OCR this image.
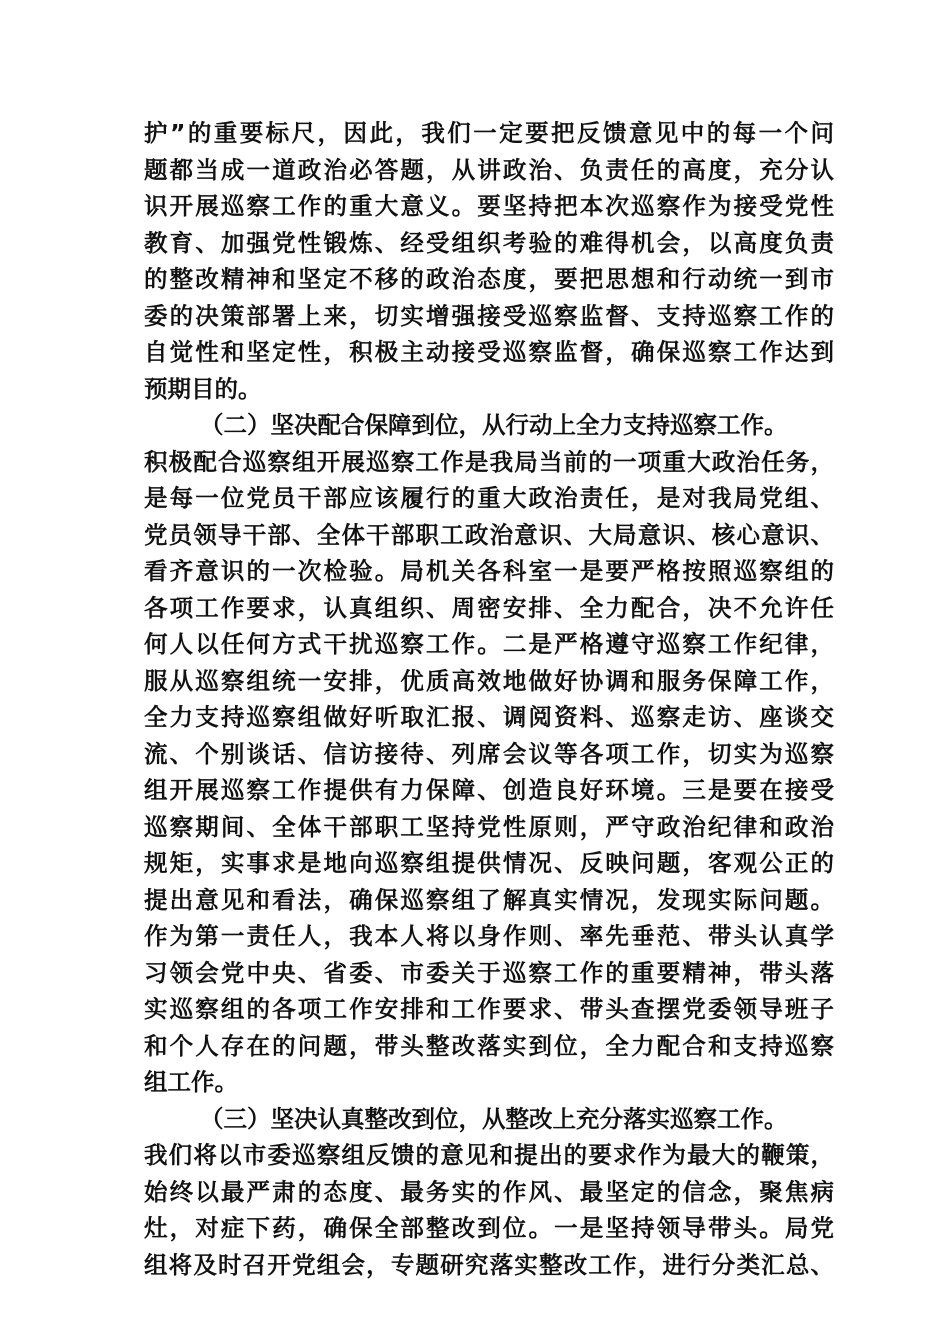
护”的重要标尺，因此，我们一定要把反馈意见中的每一个问
题都当成一道政治必答题，从讲政治、负责任的高度，充分认
识开展巡察工作的重大意义。要坚持把本次巡察作为接受党性
教育、加强党性锻炼、经受组织考验的难得机会，以高度负责
的整改精神和坚定不移的政治态度，要把思想和行动统一到市
委的决策部署上来，切实增强接受巡察监督、支持巡察工作的
自觉性和坚定性，积极主动接受巡察监督，确保巡察工作达到
预期目的。
（二）坚决配合保障到位，从行动上全力支持巡察工作。
积极配合巡察组开展巡察工作是我局当前的一项重大政治任务，
是每一位党员干部应该履行的重大政治责任，是对我局党组、
党员领导干部、全体干部职工政治意识、大局意识、核心意识、
看齐意识的一次检验。局机关各科室一是要严格按照巡察组的
各项工作要求，认真组织、周密安排、全力配合，决不允许任
何人以任何方式干扰巡察工作。二是严格遵守巡察工作纪律，
服从巡察组统一安排，优质高效地做好协调和服务保障工作，
全力支持巡察组做好听取汇报、调阅资料、巡察走访、座谈交
流、个别谈话、信访接待、列席会议等各项工作，切实为巡察
组开展巡察工作提供有力保障、创造良好环境。三是要在接受
巡察期间、全体干部职工坚持党性原则，严守政治纪律和政治
规矩，实事求是地向巡察组提供情况、反映问题，客观公正的
提出意见和看法，确保巡察组了解真实情况，发现实际问题。
作为第一责任人，我本人将以身作则、率先垂范、带头认真学
习领会党中央、省委、市委关于巡察工作的重要精神，带头落
实巡察组的各项工作安排和工作要求、带头查摆党委领导班子
和个人存在的问题，带头整改落实到位，全力配合和支持巡察
组工作。
（三）坚决认真整改到位，从整改上充分落实巡察工作。
我们将以市委巡察组反馈的意见和提出的要求作为最大的鞭策，
始终以最严肃的态度、最务实的作风、最坚定的信念，聚焦病
灶，对症下药，确保全部整改到位。一是坚持领导带头。局党
组将及时召开党组会，专题研究落实整改工作，进行分类汇总、
